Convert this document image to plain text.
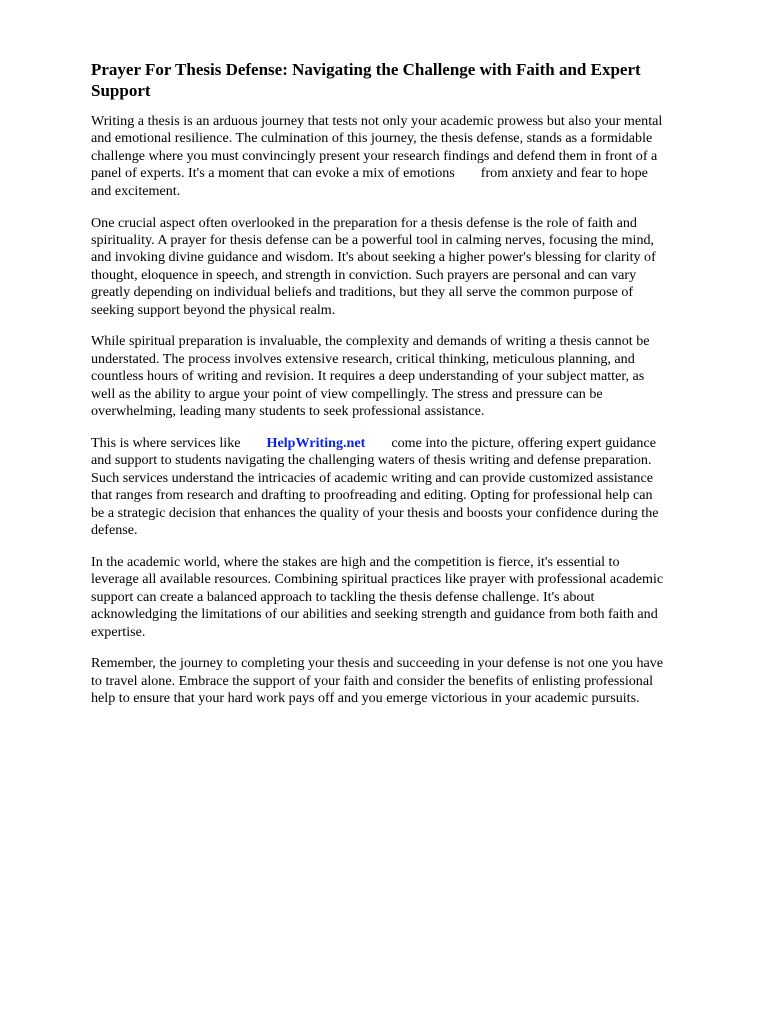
Prayer For Thesis Defense: Navigating the Challenge with Faith and Expert
Support

Writing a thesis is an arduous journey that tests not only your academic prowess but also your mental
and emotional resilience. The culmination of this journey, the thesis defense, stands as a formidable
challenge where you must convincingly present your research findings and defend them in front of a
panel of experts. It's a moment that can evoke a mix of emotions from anxiety and fear to hope
and excitement.

One crucial aspect often overlooked in the preparation for a thesis defense is the role of faith and
spirituality. A prayer for thesis defense can be a powerful tool in calming nerves, focusing the mind,
and invoking divine guidance and wisdom. It's about seeking a higher power's blessing for clarity of
thought, eloquence in speech, and strength in conviction. Such prayers are personal and can vary
greatly depending on individual beliefs and traditions, but they all serve the common purpose of
seeking support beyond the physical realm.

While spiritual preparation is invaluable, the complexity and demands of writing a thesis cannot be
understated. The process involves extensive research, critical thinking, meticulous planning, and
countless hours of writing and revision. It requires a deep understanding of your subject matter, as
well as the ability to argue your point of view compellingly. The stress and pressure can be
overwhelming, leading many students to seek professional assistance.

This is where services like HelpWriting.net come into the picture, offering expert guidance
and support to students navigating the challenging waters of thesis writing and defense preparation.
Such services understand the intricacies of academic writing and can provide customized assistance
that ranges from research and drafting to proofreading and editing. Opting for professional help can
be a strategic decision that enhances the quality of your thesis and boosts your confidence during the
defense.

In the academic world, where the stakes are high and the competition is fierce, it's essential to
leverage all available resources. Combining spiritual practices like prayer with professional academic
support can create a balanced approach to tackling the thesis defense challenge. It's about
acknowledging the limitations of our abilities and seeking strength and guidance from both faith and
expertise.

Remember, the journey to completing your thesis and succeeding in your defense is not one you have
to travel alone. Embrace the support of your faith and consider the benefits of enlisting professional
help to ensure that your hard work pays off and you emerge victorious in your academic pursuits.
